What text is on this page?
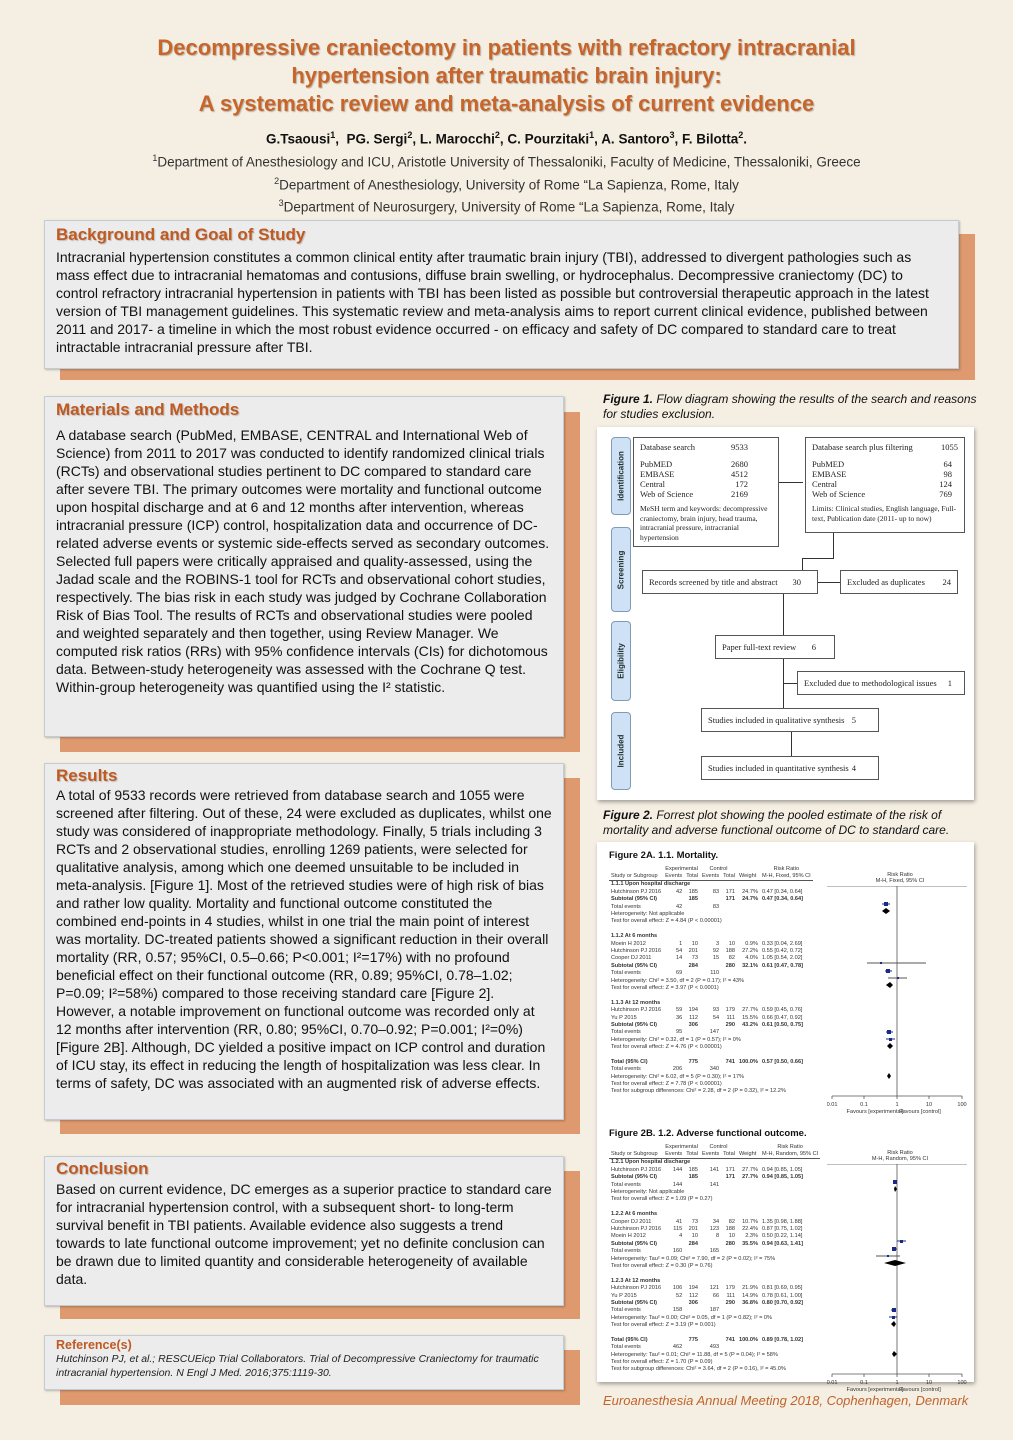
Decompressive craniectomy in patients with refractory intracranial
hypertension after traumatic brain injury:
A systematic review and meta-analysis of current evidence
G.Tsaousi$^1$,  PG. Sergi$^2$, L. Marocchi$^2$, C. Pourzitaki$^1$, A. Santoro$^3$, F. Bilotta$^2$.
$^1$Department of Anesthesiology and ICU, Aristotle University of Thessaloniki, Faculty of Medicine, Thessaloniki, Greece
$^2$Department of Anesthesiology, University of Rome “La Sapienza, Rome, Italy
$^3$Department of Neurosurgery, University of Rome “La Sapienza, Rome, Italy
Background and Goal of Study

Intracranial hypertension constitutes a common clinical entity after traumatic brain injury (TBI), addressed to divergent pathologies such as mass effect due to intracranial hematomas and contusions, diffuse brain swelling, or hydrocephalus. Decompressive craniectomy (DC) to control refractory intracranial hypertension in patients with TBI has been listed as possible but controversial therapeutic approach in the latest version of TBI management guidelines. This systematic review and meta-analysis aims to report current clinical evidence, published between 2011 and 2017- a timeline in which the most robust evidence occurred - on efficacy and safety of DC compared to standard care to treat intractable intracranial pressure after TBI.

Materials and Methods

A database search (PubMed, EMBASE, CENTRAL and International Web of Science) from 2011 to 2017 was conducted to identify randomized clinical trials (RCTs) and observational studies pertinent to DC compared to standard care after severe TBI. The primary outcomes were mortality and functional outcome upon hospital discharge and at 6 and 12 months after intervention, whereas intracranial pressure (ICP) control, hospitalization data and occurrence of DC-related adverse events or systemic side-effects served as secondary outcomes. Selected full papers were critically appraised and quality-assessed, using the Jadad scale and the ROBINS-1 tool for RCTs and observational cohort studies, respectively. The bias risk in each study was judged by Cochrane Collaboration Risk of Bias Tool. The results of RCTs and observational studies were pooled and weighted separately and then together, using Review Manager. We computed risk ratios (RRs) with 95% confidence intervals (CIs) for dichotomous data. Between-study heterogeneity was assessed with the Cochrane Q test. Within-group heterogeneity was quantified using the I² statistic.

Results

A total of 9533 records were retrieved from database search and 1055 were screened after filtering. Out of these, 24 were excluded as duplicates, whilst one study was considered of inappropriate methodology. Finally, 5 trials including 3 RCTs and 2 observational studies, enrolling 1269 patients, were selected for qualitative analysis, among which one deemed unsuitable to be included in meta-analysis. [Figure 1]. Most of the retrieved studies were of high risk of bias and rather low quality. Mortality and functional outcome constituted the combined end-points in 4 studies, whilst in one trial the main point of interest was mortality. DC-treated patients showed a significant reduction in their overall mortality (RR, 0.57; 95%CI, 0.5–0.66; P<0.001; I²=17%) with no profound beneficial effect on their functional outcome (RR, 0.89; 95%CI, 0.78–1.02; P=0.09; I²=58%) compared to those receiving standard care [Figure 2]. However, a notable improvement on functional outcome was recorded only at 12 months after intervention (RR, 0.80; 95%CI, 0.70–0.92; P=0.001; I²=0%) [Figure 2B]. Although, DC yielded a positive impact on ICP control and duration of ICU stay, its effect in reducing the length of hospitalization was less clear. In terms of safety, DC was associated with an augmented risk of adverse effects.

Conclusion

Based on current evidence, DC emerges as a superior practice to standard care for intracranial hypertension control, with a subsequent short- to long-term survival benefit in TBI patients. Available evidence also suggests a trend towards to late functional outcome improvement; yet no definite conclusion can be drawn due to limited quantity and considerable heterogeneity of available data.

Reference(s)

Hutchinson PJ, et al.; RESCUEicp Trial Collaborators. Trial of Decompressive Craniectomy for traumatic intracranial hypertension. N Engl J Med. 2016;375:1119-30.

Figure 1. Flow diagram showing the results of the search and reasons for studies exclusion.
Identification
Screening
Eligibility
Included
Database search	9533
PubMED	2680
EMBASE	4512
Central	172
Web of Science	2169
MeSH term and keywords: decompressive craniectomy, brain injury, head trauma, intracranial pressure, intracranial hypertension
Database search plus filtering	1055
PubMED	64
EMBASE	98
Central	124
Web of Science	769
Limits: Clinical studies, English language, Full-text, Publication date (2011- up to now)
Records screened by title and abstract 30	Excluded as duplicates 24
Paper full-text review 6
Excluded due to methodological issues 1
Studies included in qualitative synthesis 5
Studies included in quantitative synthesis 4
Figure 2. Forrest plot showing the pooled estimate of the risk of mortality and adverse functional outcome of DC to standard care.
Figure 2A. 1.1. Mortality.
	Experimental		Control			Risk Ratio
Study or Subgroup	Events	Total	Events	Total	Weight	M-H, Fixed, 95% CI
1.1.1 Upon hospital discharge						
Hutchinson PJ 2016	42	185	83	171	24.7%	0.47 [0.34, 0.64]
Subtotal (95% CI)		185		171	24.7%	0.47 [0.34, 0.64]
Total events	42		83			
Heterogeneity: Not applicable						
Test for overall effect: Z = 4.84 (P < 0.00001)						

1.1.2 At 6 months						
Moein H 2012	1	10	3	10	0.9%	0.33 [0.04, 2.69]
Hutchinson PJ 2016	54	201	92	188	27.2%	0.55 [0.42, 0.72]
Cooper DJ 2011	14	73	15	82	4.0%	1.05 [0.54, 2.02]
Subtotal (95% CI)		284		280	32.1%	0.61 [0.47, 0.78]
Total events	69		110			
Heterogeneity: Chi² = 3.50, df = 2 (P = 0.17); I² = 43%						
Test for overall effect: Z = 3.97 (P < 0.0001)						

1.1.3 At 12 months						
Hutchinson PJ 2016	59	194	93	179	27.7%	0.59 [0.45, 0.76]
Yu P 2015	36	112	54	111	15.5%	0.66 [0.47, 0.92]
Subtotal (95% CI)		306		290	43.2%	0.61 [0.50, 0.75]
Total events	95		147			
Heterogeneity: Chi² = 0.32, df = 1 (P = 0.57); I² = 0%						
Test for overall effect: Z = 4.76 (P < 0.00001)						

Total (95% CI)		775		741	100.0%	0.57 [0.50, 0.66]
Total events	206		340			
Heterogeneity: Chi² = 6.02, df = 5 (P = 0.30); I² = 17%						
Test for overall effect: Z = 7.78 (P < 0.00001)						
Test for subgroup differences: Chi² = 2.28, df = 2 (P = 0.32), I² = 12.2%						
Risk Ratio
M-H, Fixed, 95% CI
0.01	0.1	1	10	100
Favours [experimental]
Favours [control]
Figure 2B. 1.2. Adverse functional outcome.
	Experimental		Control			Risk Ratio
Study or Subgroup	Events	Total	Events	Total	Weight	M-H, Random, 95% CI
1.2.1 Upon hospital discharge						
Hutchinson PJ 2016	144	185	141	171	27.7%	0.94 [0.85, 1.05]
Subtotal (95% CI)		185		171	27.7%	0.94 [0.85, 1.05]
Total events	144		141			
Heterogeneity: Not applicable						
Test for overall effect: Z = 1.09 (P = 0.27)						

1.2.2 At 6 months						
Cooper DJ 2011	41	73	34	82	10.7%	1.35 [0.98, 1.88]
Hutchinson PJ 2016	115	201	123	188	22.4%	0.87 [0.75, 1.02]
Moein H 2012	4	10	8	10	2.3%	0.50 [0.22, 1.14]
Subtotal (95% CI)		284		280	35.5%	0.94 [0.63, 1.41]
Total events	160		165			
Heterogeneity: Tau² = 0.09; Chi² = 7.90, df = 2 (P = 0.02); I² = 75%						
Test for overall effect: Z = 0.30 (P = 0.76)						

1.2.3 At 12 months						
Hutchinson PJ 2016	106	194	121	179	21.9%	0.81 [0.69, 0.95]
Yu P 2015	52	112	66	111	14.9%	0.78 [0.61, 1.00]
Subtotal (95% CI)		306		290	36.8%	0.80 [0.70, 0.92]
Total events	158		187			
Heterogeneity: Tau² = 0.00; Chi² = 0.05, df = 1 (P = 0.82); I² = 0%						
Test for overall effect: Z = 3.19 (P = 0.001)						

Total (95% CI)		775		741	100.0%	0.89 [0.78, 1.02]
Total events	462		493			
Heterogeneity: Tau² = 0.01; Chi² = 11.88, df = 5 (P = 0.04); I² = 58%						
Test for overall effect: Z = 1.70 (P = 0.09)						
Test for subgroup differences: Chi² = 3.64, df = 2 (P = 0.16), I² = 45.0%						
Risk Ratio
M-H, Random, 95% CI
0.01	0.1	1	10	100
Favours [experimental]
Favours [control]
Euroanesthesia Annual Meeting 2018, Cophenhagen, Denmark
